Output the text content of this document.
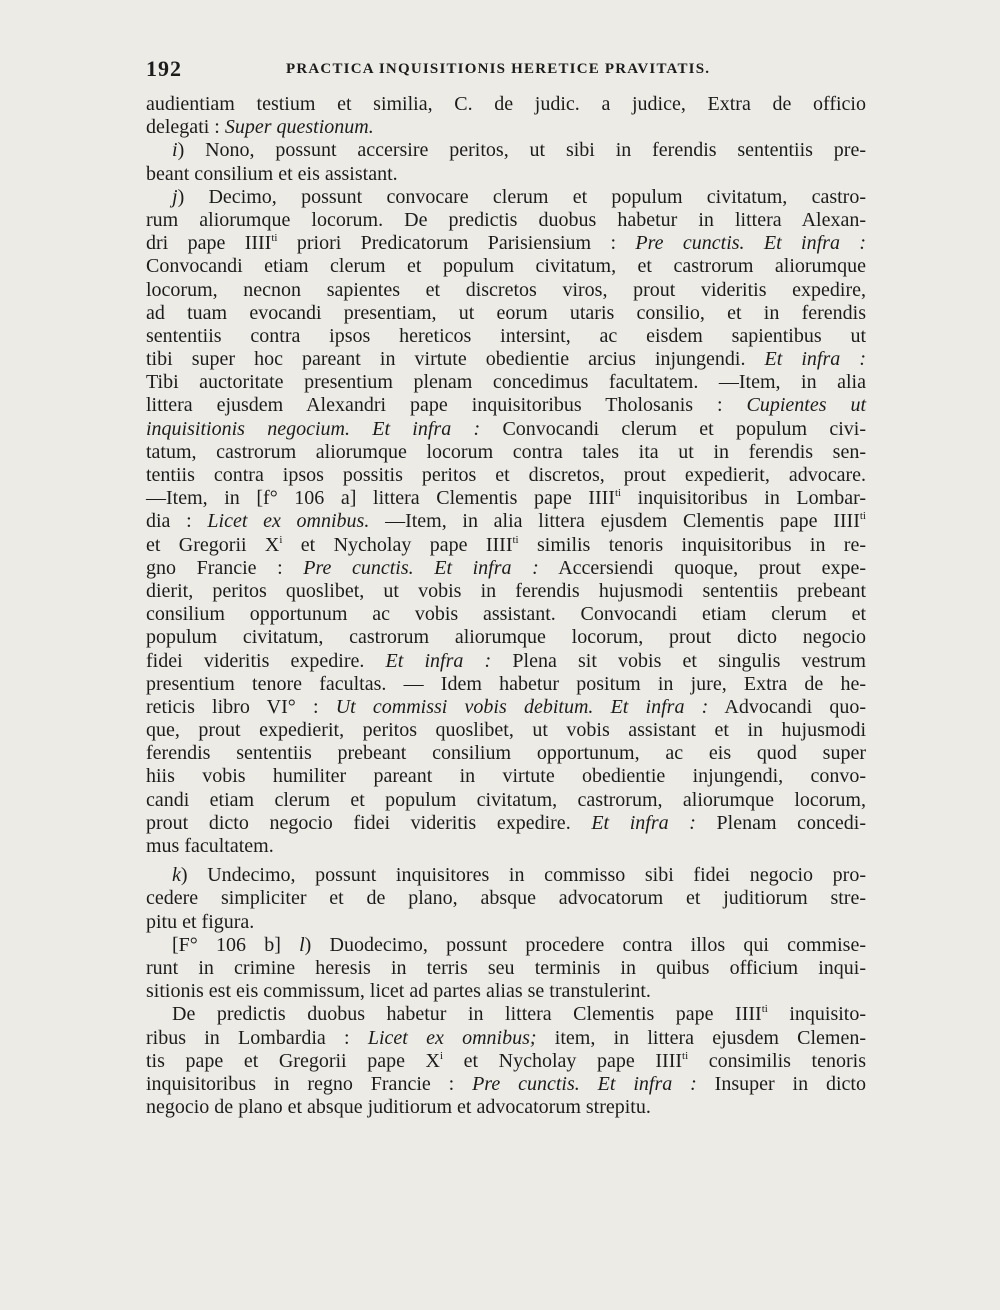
192	PRACTICA INQUISITIONIS HERETICE PRAVITATIS.
audientiam testium et similia, C. de judic. a judice, Extra de officio
delegati : Super questionum.
i) Nono, possunt accersire peritos, ut sibi in ferendis sententiis pre-
beant consilium et eis assistant.
j) Decimo, possunt convocare clerum et populum civitatum, castro-
rum aliorumque locorum. De predictis duobus habetur in littera Alexan-
dri pape $IIII^{ti}$ priori Predicatorum Parisiensium : Pre cunctis. Et infra :
Convocandi etiam clerum et populum civitatum, et castrorum aliorumque
locorum, necnon sapientes et discretos viros, prout videritis expedire,
ad tuam evocandi presentiam, ut eorum utaris consilio, et in ferendis
sententiis contra ipsos hereticos intersint, ac eisdem sapientibus ut
tibi super hoc pareant in virtute obedientie arcius injungendi. Et infra :
Tibi auctoritate presentium plenam concedimus facultatem. —Item, in alia
littera ejusdem Alexandri pape inquisitoribus Tholosanis : Cupientes ut
inquisitionis negocium. Et infra : Convocandi clerum et populum civi-
tatum, castrorum aliorumque locorum contra tales ita ut in ferendis sen-
tentiis contra ipsos possitis peritos et discretos, prout expedierit, advocare.
—Item, in [f° 106 a] littera Clementis pape $IIII^{ti}$ inquisitoribus in Lombar-
dia : Licet ex omnibus. —Item, in alia littera ejusdem Clementis pape $IIII^{ti}$
et Gregorii $X^i$ et Nycholay pape $IIII^{ti}$ similis tenoris inquisitoribus in re-
gno Francie : Pre cunctis. Et infra : Accersiendi quoque, prout expe-
dierit, peritos quoslibet, ut vobis in ferendis hujusmodi sententiis prebeant
consilium opportunum ac vobis assistant. Convocandi etiam clerum et
populum civitatum, castrorum aliorumque locorum, prout dicto negocio
fidei videritis expedire. Et infra : Plena sit vobis et singulis vestrum
presentium tenore facultas. — Idem habetur positum in jure, Extra de he-
reticis libro VI° : Ut commissi vobis debitum. Et infra : Advocandi quo-
que, prout expedierit, peritos quoslibet, ut vobis assistant et in hujusmodi
ferendis sententiis prebeant consilium opportunum, ac eis quod super
hiis vobis humiliter pareant in virtute obedientie injungendi, convo-
candi etiam clerum et populum civitatum, castrorum, aliorumque locorum,
prout dicto negocio fidei videritis expedire. Et infra : Plenam concedi-
mus facultatem.
k) Undecimo, possunt inquisitores in commisso sibi fidei negocio pro-
cedere simpliciter et de plano, absque advocatorum et juditiorum stre-
pitu et figura.
[F° 106 b] l) Duodecimo, possunt procedere contra illos qui commise-
runt in crimine heresis in terris seu terminis in quibus officium inqui-
sitionis est eis commissum, licet ad partes alias se transtulerint.
De predictis duobus habetur in littera Clementis pape $IIII^{ti}$ inquisito-
ribus in Lombardia : Licet ex omnibus; item, in littera ejusdem Clemen-
tis pape et Gregorii pape $X^i$ et Nycholay pape $IIII^{ti}$ consimilis tenoris
inquisitoribus in regno Francie : Pre cunctis. Et infra : Insuper in dicto
negocio de plano et absque juditiorum et advocatorum strepitu.
